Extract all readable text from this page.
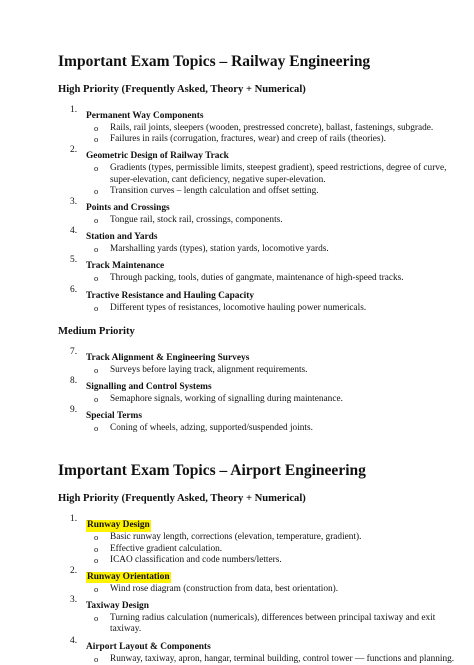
Important Exam Topics – Railway Engineering
High Priority (Frequently Asked, Theory + Numerical)
1.
Permanent Way Components
o Rails, rail joints, sleepers (wooden, prestressed concrete), ballast, fastenings, subgrade.
o Failures in rails (corrugation, fractures, wear) and creep of rails (theories).
2.
Geometric Design of Railway Track
o Gradients (types, permissible limits, steepest gradient), speed restrictions, degree of curve, super-elevation, cant deficiency, negative super-elevation.
o Transition curves – length calculation and offset setting.
3.
Points and Crossings
o Tongue rail, stock rail, crossings, components.
4.
Station and Yards
o Marshalling yards (types), station yards, locomotive yards.
5.
Track Maintenance
o Through packing, tools, duties of gangmate, maintenance of high-speed tracks.
6.
Tractive Resistance and Hauling Capacity
o Different types of resistances, locomotive hauling power numericals.
Medium Priority
7.
Track Alignment & Engineering Surveys
o Surveys before laying track, alignment requirements.
8.
Signalling and Control Systems
o Semaphore signals, working of signalling during maintenance.
9.
Special Terms
o Coning of wheels, adzing, supported/suspended joints.
Important Exam Topics – Airport Engineering
High Priority (Frequently Asked, Theory + Numerical)
1.
Runway Design
o Basic runway length, corrections (elevation, temperature, gradient).
o Effective gradient calculation.
o ICAO classification and code numbers/letters.
2.
Runway Orientation
o Wind rose diagram (construction from data, best orientation).
3.
Taxiway Design
o Turning radius calculation (numericals), differences between principal taxiway and exit taxiway.
4.
Airport Layout & Components
o Runway, taxiway, apron, hangar, terminal building, control tower — functions and planning.
